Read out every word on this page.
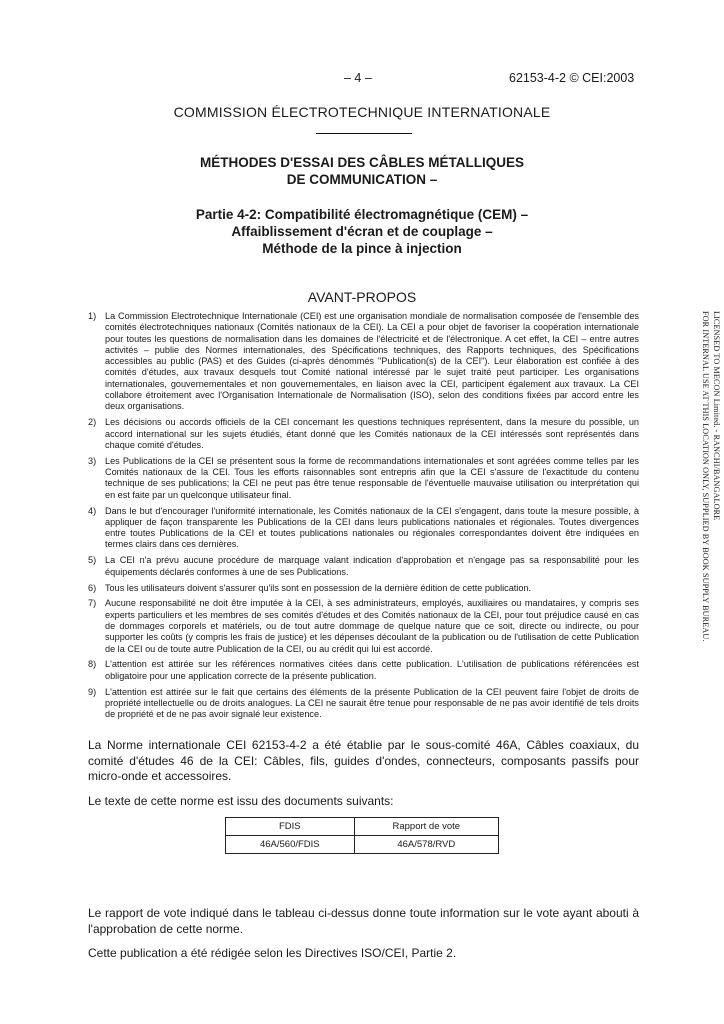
– 4 –	62153-4-2 © CEI:2003
COMMISSION ÉLECTROTECHNIQUE INTERNATIONALE
MÉTHODES D'ESSAI DES CÂBLES MÉTALLIQUES
DE COMMUNICATION –
Partie 4-2: Compatibilité électromagnétique (CEM) –
Affaiblissement d'écran et de couplage –
Méthode de la pince à injection
AVANT-PROPOS
1) La Commission Electrotechnique Internationale (CEI) est une organisation mondiale de normalisation composée de l'ensemble des comités électrotechniques nationaux (Comités nationaux de la CEI). La CEI a pour objet de favoriser la coopération internationale pour toutes les questions de normalisation dans les domaines de l'électricité et de l'électronique. A cet effet, la CEI – entre autres activités – publie des Normes internationales, des Spécifications techniques, des Rapports techniques, des Spécifications accessibles au public (PAS) et des Guides (ci-après dénommés "Publication(s) de la CEI"). Leur élaboration est confiée à des comités d'études, aux travaux desquels tout Comité national intéressé par le sujet traité peut participer. Les organisations internationales, gouvernementales et non gouvernementales, en liaison avec la CEI, participent également aux travaux. La CEI collabore étroitement avec l'Organisation Internationale de Normalisation (ISO), selon des conditions fixées par accord entre les deux organisations.
2) Les décisions ou accords officiels de la CEI concernant les questions techniques représentent, dans la mesure du possible, un accord international sur les sujets étudiés, étant donné que les Comités nationaux de la CEI intéressés sont représentés dans chaque comité d'études.
3) Les Publications de la CEI se présentent sous la forme de recommandations internationales et sont agréées comme telles par les Comités nationaux de la CEI. Tous les efforts raisonnables sont entrepris afin que la CEI s'assure de l'exactitude du contenu technique de ses publications; la CEI ne peut pas être tenue responsable de l'éventuelle mauvaise utilisation ou interprétation qui en est faite par un quelconque utilisateur final.
4) Dans le but d'encourager l'uniformité internationale, les Comités nationaux de la CEI s'engagent, dans toute la mesure possible, à appliquer de façon transparente les Publications de la CEI dans leurs publications nationales et régionales. Toutes divergences entre toutes Publications de la CEI et toutes publications nationales ou régionales correspondantes doivent être indiquées en termes clairs dans ces dernières.
5) La CEI n'a prévu aucune procédure de marquage valant indication d'approbation et n'engage pas sa responsabilité pour les équipements déclarés conformes à une de ses Publications.
6) Tous les utilisateurs doivent s'assurer qu'ils sont en possession de la dernière édition de cette publication.
7) Aucune responsabilité ne doit être imputée à la CEI, à ses administrateurs, employés, auxiliaires ou mandataires, y compris ses experts particuliers et les membres de ses comités d'études et des Comités nationaux de la CEI, pour tout préjudice causé en cas de dommages corporels et matériels, ou de tout autre dommage de quelque nature que ce soit, directe ou indirecte, ou pour supporter les coûts (y compris les frais de justice) et les dépenses découlant de la publication ou de l'utilisation de cette Publication de la CEI ou de toute autre Publication de la CEI, ou au crédit qui lui est accordé.
8) L'attention est attirée sur les références normatives citées dans cette publication. L'utilisation de publications référencées est obligatoire pour une application correcte de la présente publication.
9) L'attention est attirée sur le fait que certains des éléments de la présente Publication de la CEI peuvent faire l'objet de droits de propriété intellectuelle ou de droits analogues. La CEI ne saurait être tenue pour responsable de ne pas avoir identifié de tels droits de propriété et de ne pas avoir signalé leur existence.

La Norme internationale CEI 62153-4-2 a été établie par le sous-comité 46A, Câbles coaxiaux, du comité d'études 46 de la CEI: Câbles, fils, guides d'ondes, connecteurs, composants passifs pour micro-onde et accessoires.

Le texte de cette norme est issu des documents suivants:

FDIS	Rapport de vote
46A/560/FDIS	46A/578/RVD

Le rapport de vote indiqué dans le tableau ci-dessus donne toute information sur le vote ayant abouti à l'approbation de cette norme.

Cette publication a été rédigée selon les Directives ISO/CEI, Partie 2.

LICENSED TO MECON Limited. - RANCHI/BANGALORE
FOR INTERNAL USE AT THIS LOCATION ONLY, SUPPLIED BY BOOK SUPPLY BUREAU.
